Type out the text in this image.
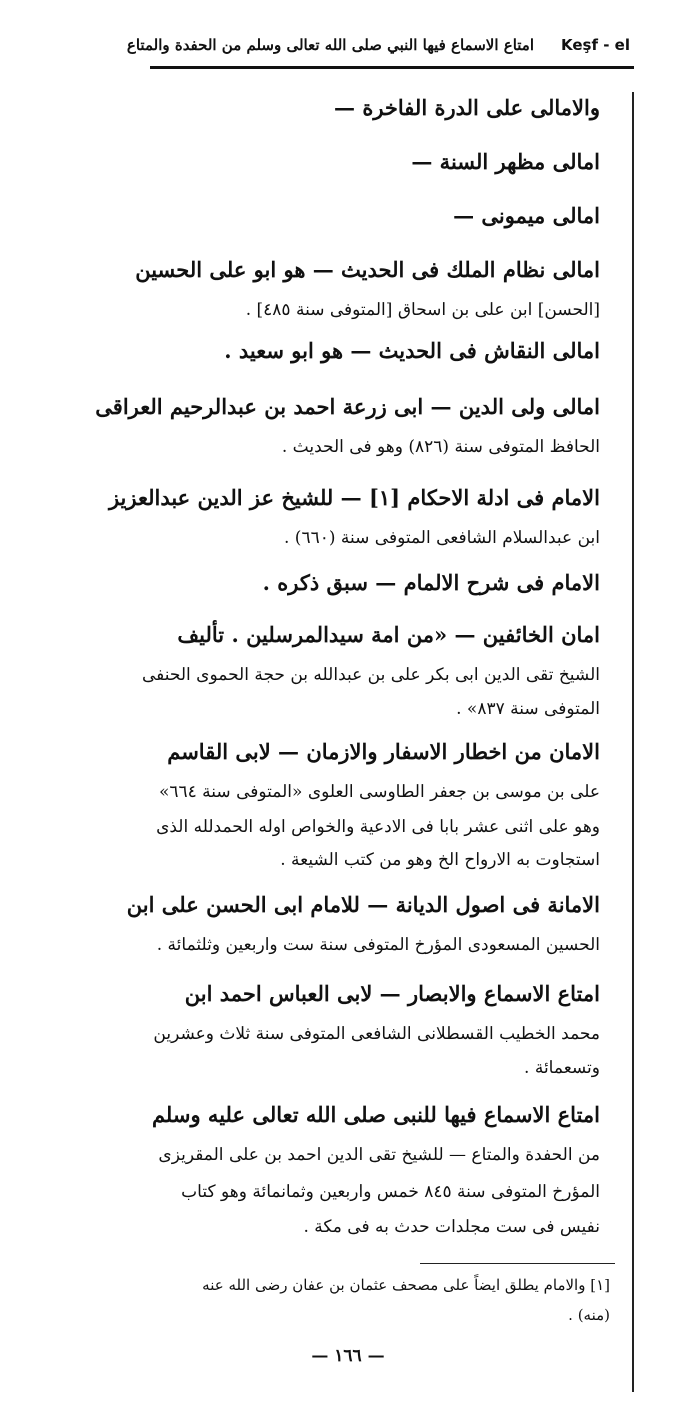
امتاع الاسماع فيها النبي صلى الله تعالى وسلم من الحفدة والمتاع Keşf - el
والامالى على الدرة الفاخرة —
امالى مظهر السنة —
امالى ميمونى —
امالى نظام الملك فى الحديث — هو ابو على الحسين
[الحسن] ابن على بن اسحاق [المتوفى سنة ٤٨٥] .
امالى النقاش فى الحديث — هو ابو سعيد .
امالى ولى الدين — ابى زرعة احمد بن عبدالرحيم العراقى
الحافظ المتوفى سنة (٨٢٦) وهو فى الحديث .
الامام فى ادلة الاحكام [١] — للشيخ عز الدين عبدالعزيز
ابن عبدالسلام الشافعى المتوفى سنة (٦٦٠) .
الامام فى شرح الالمام — سبق ذكره .
امان الخائفين — «من امة سيدالمرسلين . تأليف
الشيخ تقى الدين ابى بكر على بن عبدالله بن حجة الحموى الحنفى
المتوفى سنة ٨٣٧» .
الامان من اخطار الاسفار والازمان — لابى القاسم
على بن موسى بن جعفر الطاوسى العلوى «المتوفى سنة ٦٦٤»
وهو على اثنى عشر بابا فى الادعية والخواص اوله الحمدلله الذى
استجاوت به الارواح الخ وهو من كتب الشيعة .
الامانة فى اصول الديانة — للامام ابى الحسن على ابن
الحسين المسعودى المؤرخ المتوفى سنة ست واربعين وثلثمائة .
امتاع الاسماع والابصار — لابى العباس احمد ابن
محمد الخطيب القسطلانى الشافعى المتوفى سنة ثلاث وعشرين
وتسعمائة .
امتاع الاسماع فيها للنبى صلى الله تعالى عليه وسلم
من الحفدة والمتاع — للشيخ تقى الدين احمد بن على المقريزى
المؤرخ المتوفى سنة ٨٤٥ خمس واربعين وثمانمائة وهو كتاب
نفيس فى ست مجلدات حدث به فى مكة .
[١] والامام يطلق ايضاً على مصحف عثمان بن عفان رضى الله عنه
(منه) .
— ١٦٦ —
